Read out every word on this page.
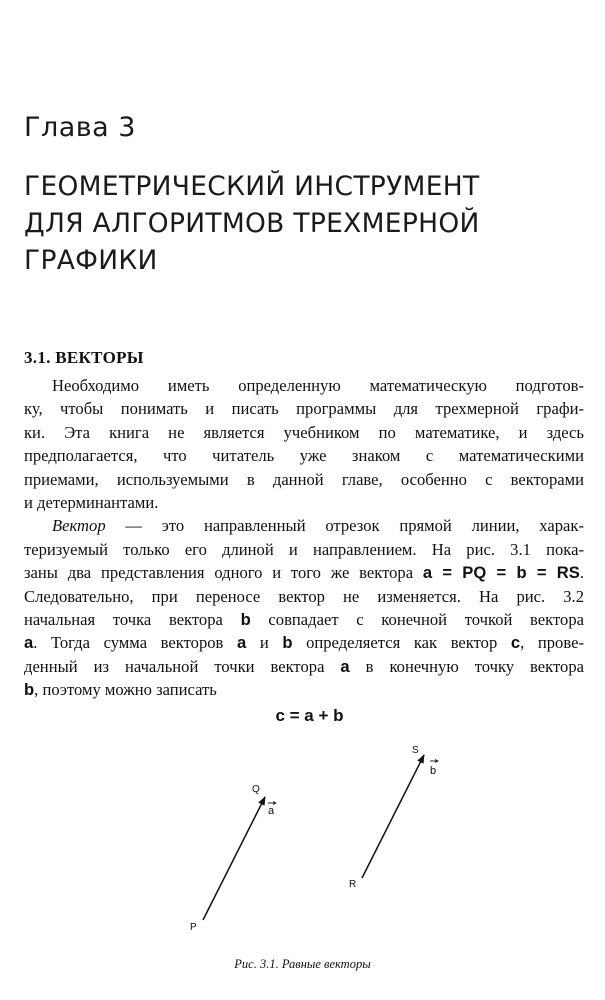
Глава 3
ГЕОМЕТРИЧЕСКИЙ ИНСТРУМЕНТ
ДЛЯ АЛГОРИТМОВ ТРЕХМЕРНОЙ
ГРАФИКИ
3.1. ВЕКТОРЫ
Необходимо иметь определенную математическую подготов-
ку, чтобы понимать и писать программы для трехмерной графи-
ки. Эта книга не является учебником по математике, и здесь
предполагается, что читатель уже знаком с математическими
приемами, используемыми в данной главе, особенно с векторами
и детерминантами.
Вектор — это направленный отрезок прямой линии, харак-
теризуемый только его длиной и направлением. На рис. 3.1 пока-
заны два представления одного и того же вектора a = PQ = b = RS.
Следовательно, при переносе вектор не изменяется. На рис. 3.2
начальная точка вектора b совпадает с конечной точкой вектора
a. Тогда сумма векторов a и b определяется как вектор c, прове-
денный из начальной точки вектора a в конечную точку вектора
b, поэтому можно записать
c = a + b
P
Q
a
R
S
b
Рис. 3.1. Равные векторы
